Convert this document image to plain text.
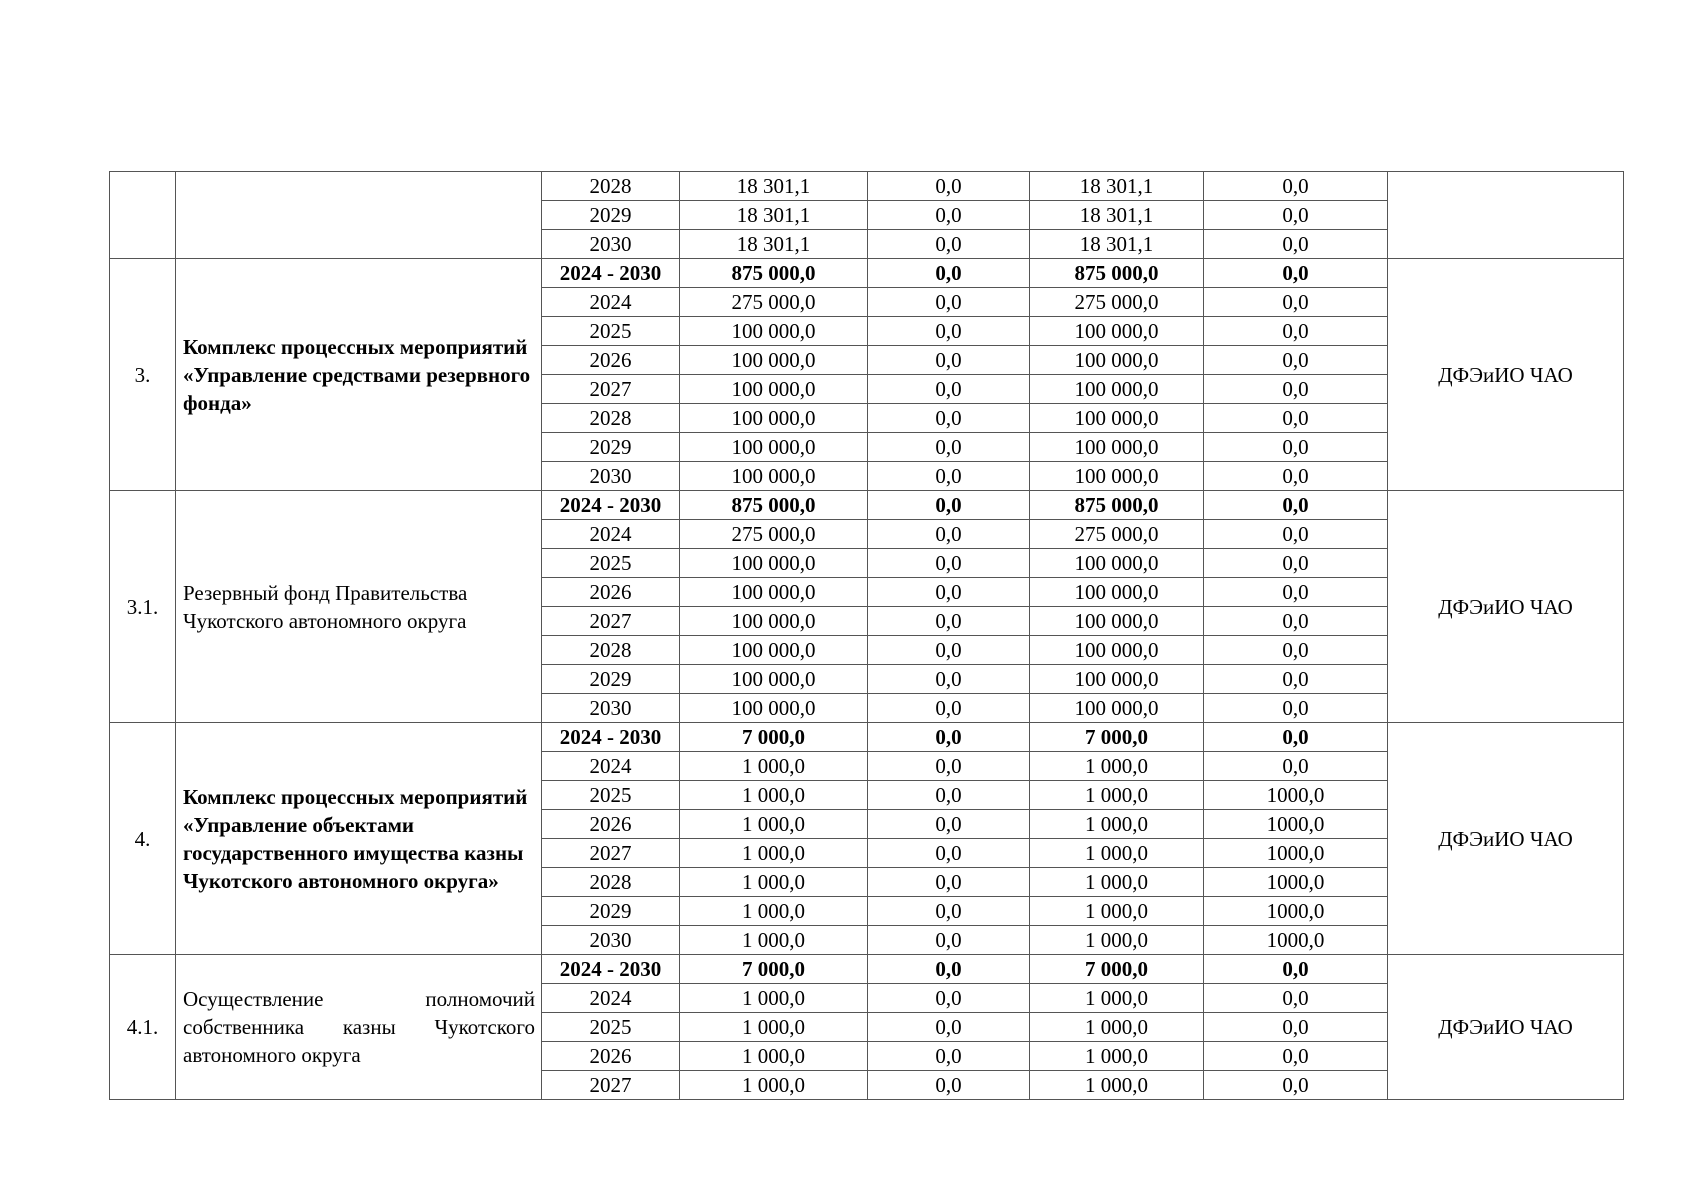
		2028	18 301,1	0,0	18 301,1	0,0	
		2029	18 301,1	0,0	18 301,1	0,0	
		2030	18 301,1	0,0	18 301,1	0,0	
3.	Комплекс процессных мероприятий «Управление средствами резервного фонда»	2024 - 2030	875 000,0	0,0	875 000,0	0,0	ДФЭиИО ЧАО
		2024	275 000,0	0,0	275 000,0	0,0	
		2025	100 000,0	0,0	100 000,0	0,0	
		2026	100 000,0	0,0	100 000,0	0,0	
		2027	100 000,0	0,0	100 000,0	0,0	
		2028	100 000,0	0,0	100 000,0	0,0	
		2029	100 000,0	0,0	100 000,0	0,0	
		2030	100 000,0	0,0	100 000,0	0,0	
3.1.	Резервный фонд Правительства Чукотского автономного округа	2024 - 2030	875 000,0	0,0	875 000,0	0,0	ДФЭиИО ЧАО
		2024	275 000,0	0,0	275 000,0	0,0	
		2025	100 000,0	0,0	100 000,0	0,0	
		2026	100 000,0	0,0	100 000,0	0,0	
		2027	100 000,0	0,0	100 000,0	0,0	
		2028	100 000,0	0,0	100 000,0	0,0	
		2029	100 000,0	0,0	100 000,0	0,0	
		2030	100 000,0	0,0	100 000,0	0,0	
4.	Комплекс процессных мероприятий «Управление объектами государственного имущества казны Чукотского автономного округа»	2024 - 2030	7 000,0	0,0	7 000,0	0,0	ДФЭиИО ЧАО
		2024	1 000,0	0,0	1 000,0	0,0	
		2025	1 000,0	0,0	1 000,0	1000,0	
		2026	1 000,0	0,0	1 000,0	1000,0	
		2027	1 000,0	0,0	1 000,0	1000,0	
		2028	1 000,0	0,0	1 000,0	1000,0	
		2029	1 000,0	0,0	1 000,0	1000,0	
		2030	1 000,0	0,0	1 000,0	1000,0	
4.1.	Осуществление полномочий собственника казны Чукотского автономного округа	2024 - 2030	7 000,0	0,0	7 000,0	0,0	ДФЭиИО ЧАО
		2024	1 000,0	0,0	1 000,0	0,0	
		2025	1 000,0	0,0	1 000,0	0,0	
		2026	1 000,0	0,0	1 000,0	0,0	
		2027	1 000,0	0,0	1 000,0	0,0	
